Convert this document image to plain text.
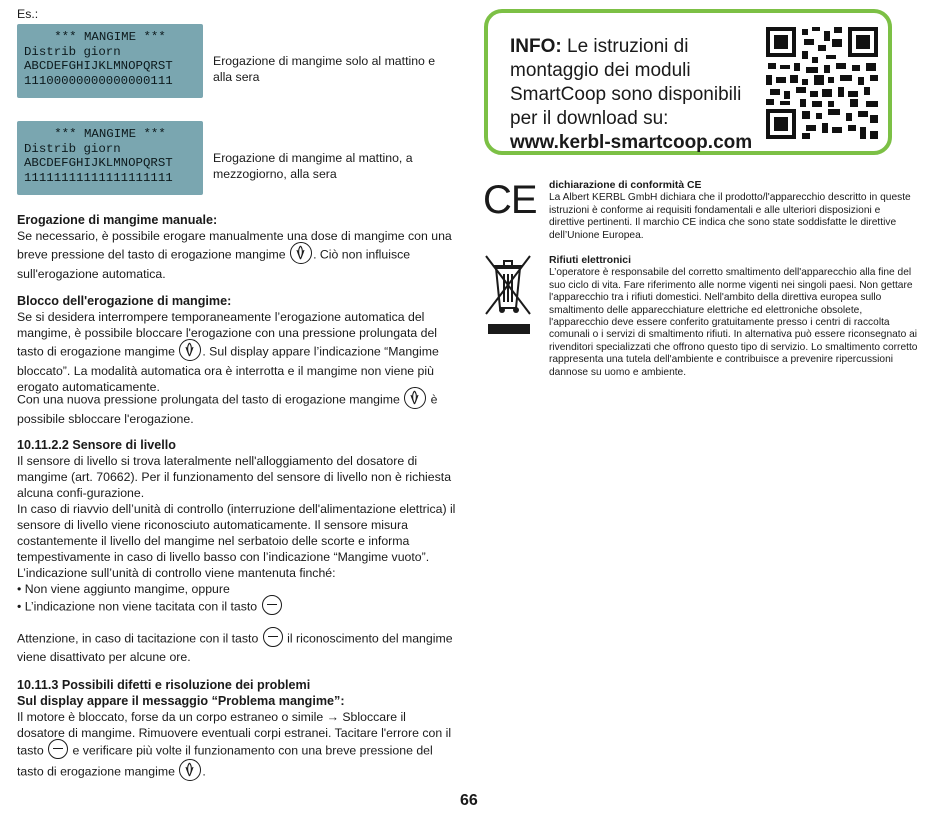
Es.:
*** MANGIME ***
Distrib giorn
ABCDEFGHIJKLMNOPQRST
11100000000000000111
Erogazione di mangime solo al mattino e alla sera
*** MANGIME ***
Distrib giorn
ABCDEFGHIJKLMNOPQRST
11111111111111111111
Erogazione di mangime al mattino, a mezzogiorno, alla sera
Erogazione di mangime manuale:

Se necessario, è possibile erogare manualmente una dose di mangime con una breve pressione del tasto di erogazione mangime . Ciò non influisce sull'erogazione automatica.

Blocco dell'erogazione di mangime:

Se si desidera interrompere temporaneamente l’erogazione automatica del mangime, è possibile bloccare l'erogazione con una pressione prolungata del tasto di erogazione mangime . Sul display appare l’indicazione “Mangime bloccato”. La modalità automatica ora è interrotta e il mangime non viene più erogato automaticamente.

Con una nuova pressione prolungata del tasto di erogazione mangime	è possibile sbloccare l'erogazione.
10.11.2.2 Sensore di livello

Il sensore di livello si trova lateralmente nell'alloggiamento del dosatore di mangime (art. 70662). Per il funzionamento del sensore di livello non è richiesta alcuna confi-gurazione.

In caso di riavvio dell’unità di controllo (interruzione dell'alimentazione elettrica) il sensore di livello viene riconosciuto automaticamente. Il sensore misura costantemente il livello del mangime nel serbatoio delle scorte e informa tempestivamente in caso di livello basso con l’indicazione “Mangime vuoto”.

L’indicazione sull’unità di controllo viene mantenuta finché:

• Non viene aggiunto mangime, oppure

• L’indicazione non viene tacitata con il tasto

Attenzione, in caso di tacitazione con il tasto il riconoscimento del mangime viene disattivato per alcune ore.

10.11.3 Possibili difetti e risoluzione dei problemi
Sul display appare il messaggio “Problema mangime”:

Il motore è bloccato, forse da un corpo estraneo o simile → Sbloccare il dosatore di mangime. Rimuovere eventuali corpi estranei. Tacitare l'errore con il tasto e verificare più volte il funzionamento con una breve pressione del tasto di erogazione mangime .

INFO: Le istruzioni di montaggio dei moduli SmartCoop sono disponibili per il download su:
www.kerbl-smartcoop.com
CE dichiarazione di conformità CE

La Albert KERBL GmbH dichiara che il prodotto/l'apparecchio descritto in queste istruzioni è conforme ai requisiti fondamentali e alle ulteriori disposizioni e direttive pertinenti. Il marchio CE indica che sono state soddisfatte le direttive dell’Unione Europea.

Rifiuti elettronici

L’operatore è responsabile del corretto smaltimento dell'apparecchio alla fine del suo ciclo di vita. Fare riferimento alle norme vigenti nei singoli paesi. Non gettare l'apparecchio tra i rifiuti domestici. Nell'ambito della direttiva europea sullo smaltimento delle apparecchiature elettriche ed elettroniche obsolete, l'apparecchio deve essere conferito gratuitamente presso i centri di raccolta comunali o i servizi di smaltimento rifiuti. In alternativa può essere riconsegnato ai rivenditori specializzati che offrono questo tipo di servizio. Lo smaltimento corretto rappresenta una tutela dell'ambiente e contribuisce a prevenire ripercussioni dannose su uomo e ambiente.

66
